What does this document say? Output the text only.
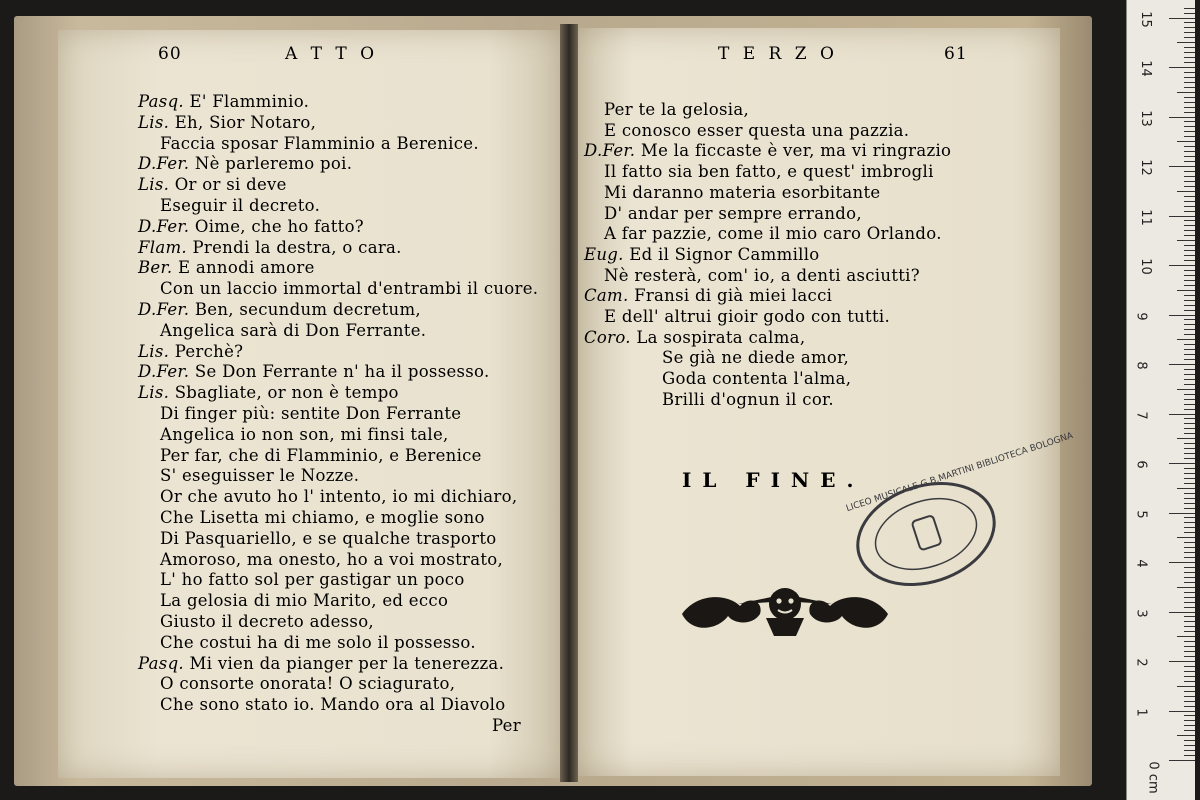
60	A T T O	T E R Z O	61
Pasq. E' Flamminio.
Lis. Eh, Sior Notaro,
Faccia sposar Flamminio a Berenice.
D.Fer. Nè parleremo poi.
Lis. Or or si deve
Eseguir il decreto.
D.Fer. Oime, che ho fatto?
Flam. Prendi la destra, o cara.
Ber. E annodi amore
Con un laccio immortal d'entrambi il cuore.
D.Fer. Ben, secundum decretum,
Angelica sarà di Don Ferrante.
Lis. Perchè?
D.Fer. Se Don Ferrante n' ha il possesso.
Lis. Sbagliate, or non è tempo
Di finger più: sentite Don Ferrante
Angelica io non son, mi finsi tale,
Per far, che di Flamminio, e Berenice
S' eseguisser le Nozze.
Or che avuto ho l' intento, io mi dichiaro,
Che Lisetta mi chiamo, e moglie sono
Di Pasquariello, e se qualche trasporto
Amoroso, ma onesto, ho a voi mostrato,
L' ho fatto sol per gastigar un poco
La gelosia di mio Marito, ed ecco
Giusto il decreto adesso,
Che costui ha di me solo il possesso.
Pasq. Mi vien da pianger per la tenerezza.
O consorte onorata! O sciagurato,
Che sono stato io. Mando ora al Diavolo
Per te la gelosia,
E conosco esser questa una pazzia.
D.Fer. Me la ficcaste è ver, ma vi ringrazio
Il fatto sia ben fatto, e quest' imbrogli
Mi daranno materia esorbitante
D' andar per sempre errando,
A far pazzie, come il mio caro Orlando.
Eug. Ed il Signor Cammillo
Nè resterà, com' io, a denti asciutti?
Cam. Fransi di già miei lacci
E dell' altrui gioir godo con tutti.
Coro. La sospirata calma,
Se già ne diede amor,
Goda contenta l'alma,
Brilli d'ognun il cor.
Per
IL FINE.
LICEO MUSICALE G.B.MARTINI BIBLIOTECA BOLOGNA
0 cm
1
2
3
4
5
6
7
8
9
10
11
12
13
14
15
